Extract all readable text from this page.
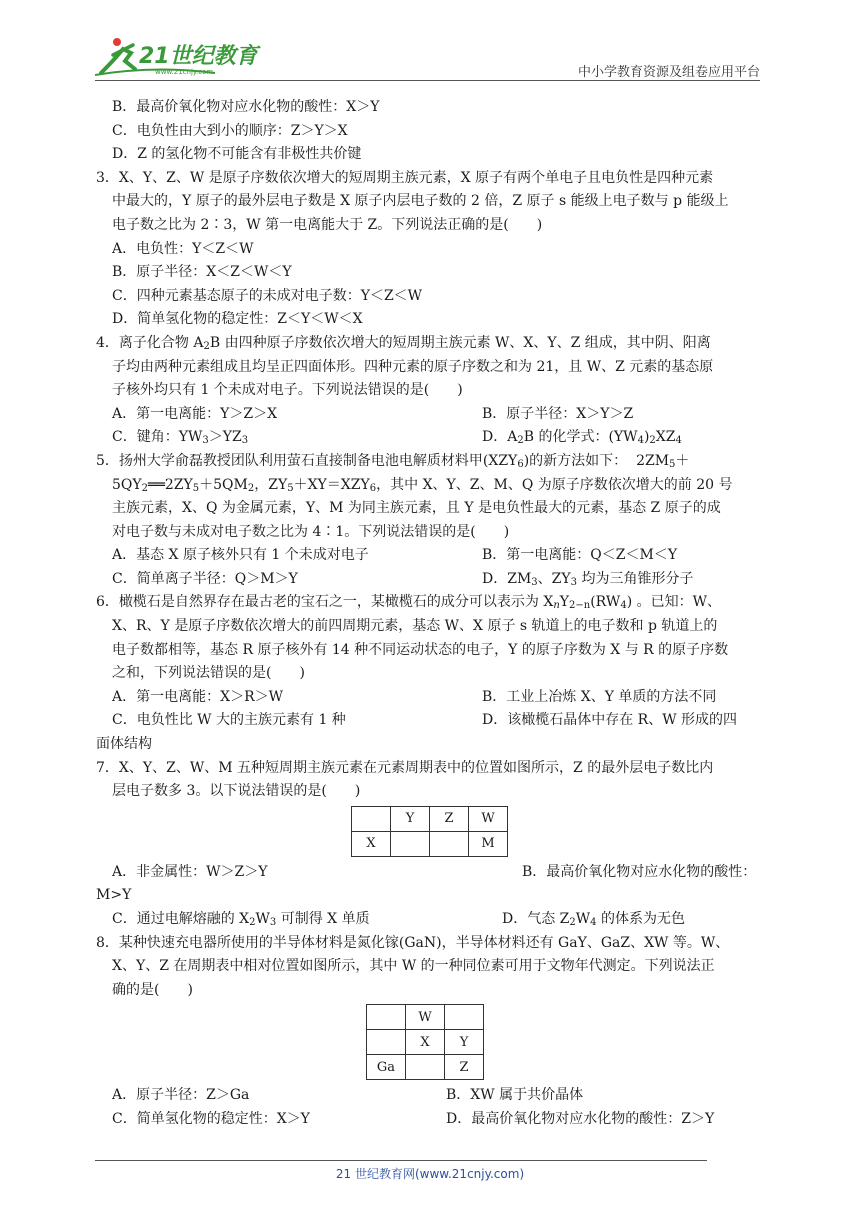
21世纪教育
www.21cnjy.com	中小学教育资源及组卷应用平台
B．最高价氧化物对应水化物的酸性：X＞Y
C．电负性由大到小的顺序：Z＞Y＞X
D．Z 的氢化物不可能含有非极性共价键
3．X、Y、Z、W 是原子序数依次增大的短周期主族元素，X 原子有两个单电子且电负性是四种元素
中最大的，Y 原子的最外层电子数是 X 原子内层电子数的 2 倍，Z 原子 s 能级上电子数与 p 能级上
电子数之比为 2∶3，W 第一电离能大于 Z。下列说法正确的是(　　)
A．电负性：Y＜Z＜W
B．原子半径：X＜Z＜W＜Y
C．四种元素基态原子的未成对电子数：Y＜Z＜W
D．简单氢化物的稳定性：Z＜Y＜W＜X
4．离子化合物 $A_2B$ 由四种原子序数依次增大的短周期主族元素 W、X、Y、Z 组成，其中阴、阳离
子均由两种元素组成且均呈正四面体形。四种元素的原子序数之和为 21，且 W、Z 元素的基态原
子核外均只有 1 个未成对电子。下列说法错误的是(　　)
A．第一电离能：Y＞Z＞X	B．原子半径：X＞Y＞Z
C．键角：$YW_3>YZ_3$	D．$A_2B$ 的化学式：$(YW_4)_2XZ_4$
5．扬州大学俞磊教授团队利用萤石直接制备电池电解质材料甲$(XZY_6)$的新方法如下： $2ZM_5+$
$5QY_2══2ZY_5+5QM_2$，$ZY_5+XY=XZY_6$，其中 X、Y、Z、M、Q 为原子序数依次增大的前 20 号
主族元素，X、Q 为金属元素，Y、M 为同主族元素，且 Y 是电负性最大的元素，基态 Z 原子的成
对电子数与未成对电子数之比为 4∶1。下列说法错误的是(　　)
A．基态 X 原子核外只有 1 个未成对电子	B．第一电离能：Q＜Z＜M＜Y
C．简单离子半径：Q＞M＞Y	D．$ZM_3$、$ZY_3$ 均为三角锥形分子
6．橄榄石是自然界存在最古老的宝石之一，某橄榄石的成分可以表示为 $X_nY_{2-n}(RW_4)$ 。已知：W、
X、R、Y 是原子序数依次增大的前四周期元素，基态 W、X 原子 s 轨道上的电子数和 p 轨道上的
电子数都相等，基态 R 原子核外有 14 种不同运动状态的电子，Y 的原子序数为 X 与 R 的原子序数
之和，下列说法错误的是(　　)
A．第一电离能：X＞R＞W	B．工业上冶炼 X、Y 单质的方法不同
C．电负性比 W 大的主族元素有 1 种	D．该橄榄石晶体中存在 R、W 形成的四
面体结构
7．X、Y、Z、W、M 五种短周期主族元素在元素周期表中的位置如图所示，Z 的最外层电子数比内
层电子数多 3。以下说法错误的是(　　)
	Y	Z	W
X			M
A．非金属性：W＞Z＞Y	B．最高价氧化物对应水化物的酸性：
M>Y
C．通过电解熔融的 $X_2W_3$ 可制得 X 单质	D．气态 $Z_2W_4$ 的体系为无色
8．某种快速充电器所使用的半导体材料是氮化镓(GaN)，半导体材料还有 GaY、GaZ、XW 等。W、
X、Y、Z 在周期表中相对位置如图所示，其中 W 的一种同位素可用于文物年代测定。下列说法正
确的是(　　)
	W	
	X	Y
Ga		Z
A．原子半径：Z＞Ga	B．XW 属于共价晶体
C．简单氢化物的稳定性：X＞Y	D．最高价氧化物对应水化物的酸性：Z＞Y
21 世纪教育网(www.21cnjy.com)
